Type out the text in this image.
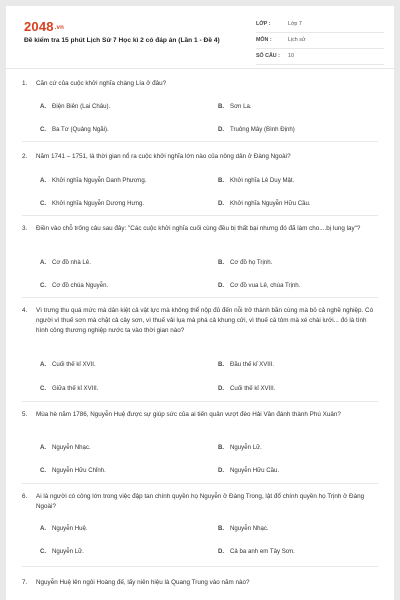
2048.vn
Đề kiểm tra 15 phút Lịch Sử 7 Học kì 2 có đáp án (Lần 1 - Đề 4)
LỚP :	Lớp 7
MÔN :	Lịch sử
SỐ CÂU : 10
1. Căn cứ của cuộc khởi nghĩa chàng Lía ở đâu?
A. Điện Biên (Lai Châu).	B. Sơn La.
C. Ba Tơ (Quảng Ngãi).	D. Truông Mây (Bình Định)
2. Năm 1741 – 1751, là thời gian nổ ra cuộc khởi nghĩa lớn nào của nông dân ở Đàng Ngoài?
A. Khởi nghĩa Nguyễn Danh Phương.	B. Khởi nghĩa Lê Duy Mật.
C. Khởi nghĩa Nguyễn Dương Hưng.	D. Khởi nghĩa Nguyễn Hữu Cầu.
3. Điền vào chỗ trống câu sau đây: "Các cuộc khởi nghĩa cuối cùng đều bị thất bại nhưng đó đã làm cho....bị lung lay"?
A. Cơ đồ nhà Lê.	B. Cơ đồ họ Trịnh.
C. Cơ đồ chúa Nguyễn.	D. Cơ đồ vua Lê, chúa Trịnh.
4. Vì trưng thu quá mức mà dân kiệt cả vật lực mà không thể nộp đủ đến nỗi trở thành bần cùng mà bỏ cả nghề nghiệp. Có người vì thuế sơn mà chặt cả cây sơn, vì thuế vải lụa mà phá cả khung cửi, vì thuế cá tôm mà xé chài lưới... đó là tình hình công thương nghiệp nước ta vào thời gian nào?
A. Cuối thế kỉ XVII.	B. Đầu thế kỉ XVIII.
C. Giữa thế kỉ XVIII.	D. Cuối thế kỉ XVIII.
5. Mùa hè năm 1786, Nguyễn Huệ được sự giúp sức của ai tiến quân vượt đèo Hải Vân đánh thành Phú Xuân?
A. Nguyễn Nhạc.	B. Nguyễn Lữ.
C. Nguyễn Hữu Chỉnh.	D. Nguyễn Hữu Cầu.
6. Ai là người có công lớn trong việc đập tan chính quyền họ Nguyễn ở Đàng Trong, lật đổ chính quyền họ Trịnh ở Đàng Ngoài?
A. Nguyễn Huệ.	B. Nguyễn Nhạc.
C. Nguyễn Lữ.	D. Cả ba anh em Tây Sơn.
7. Nguyễn Huệ lên ngôi Hoàng đế, lấy niên hiệu là Quang Trung vào năm nào?
